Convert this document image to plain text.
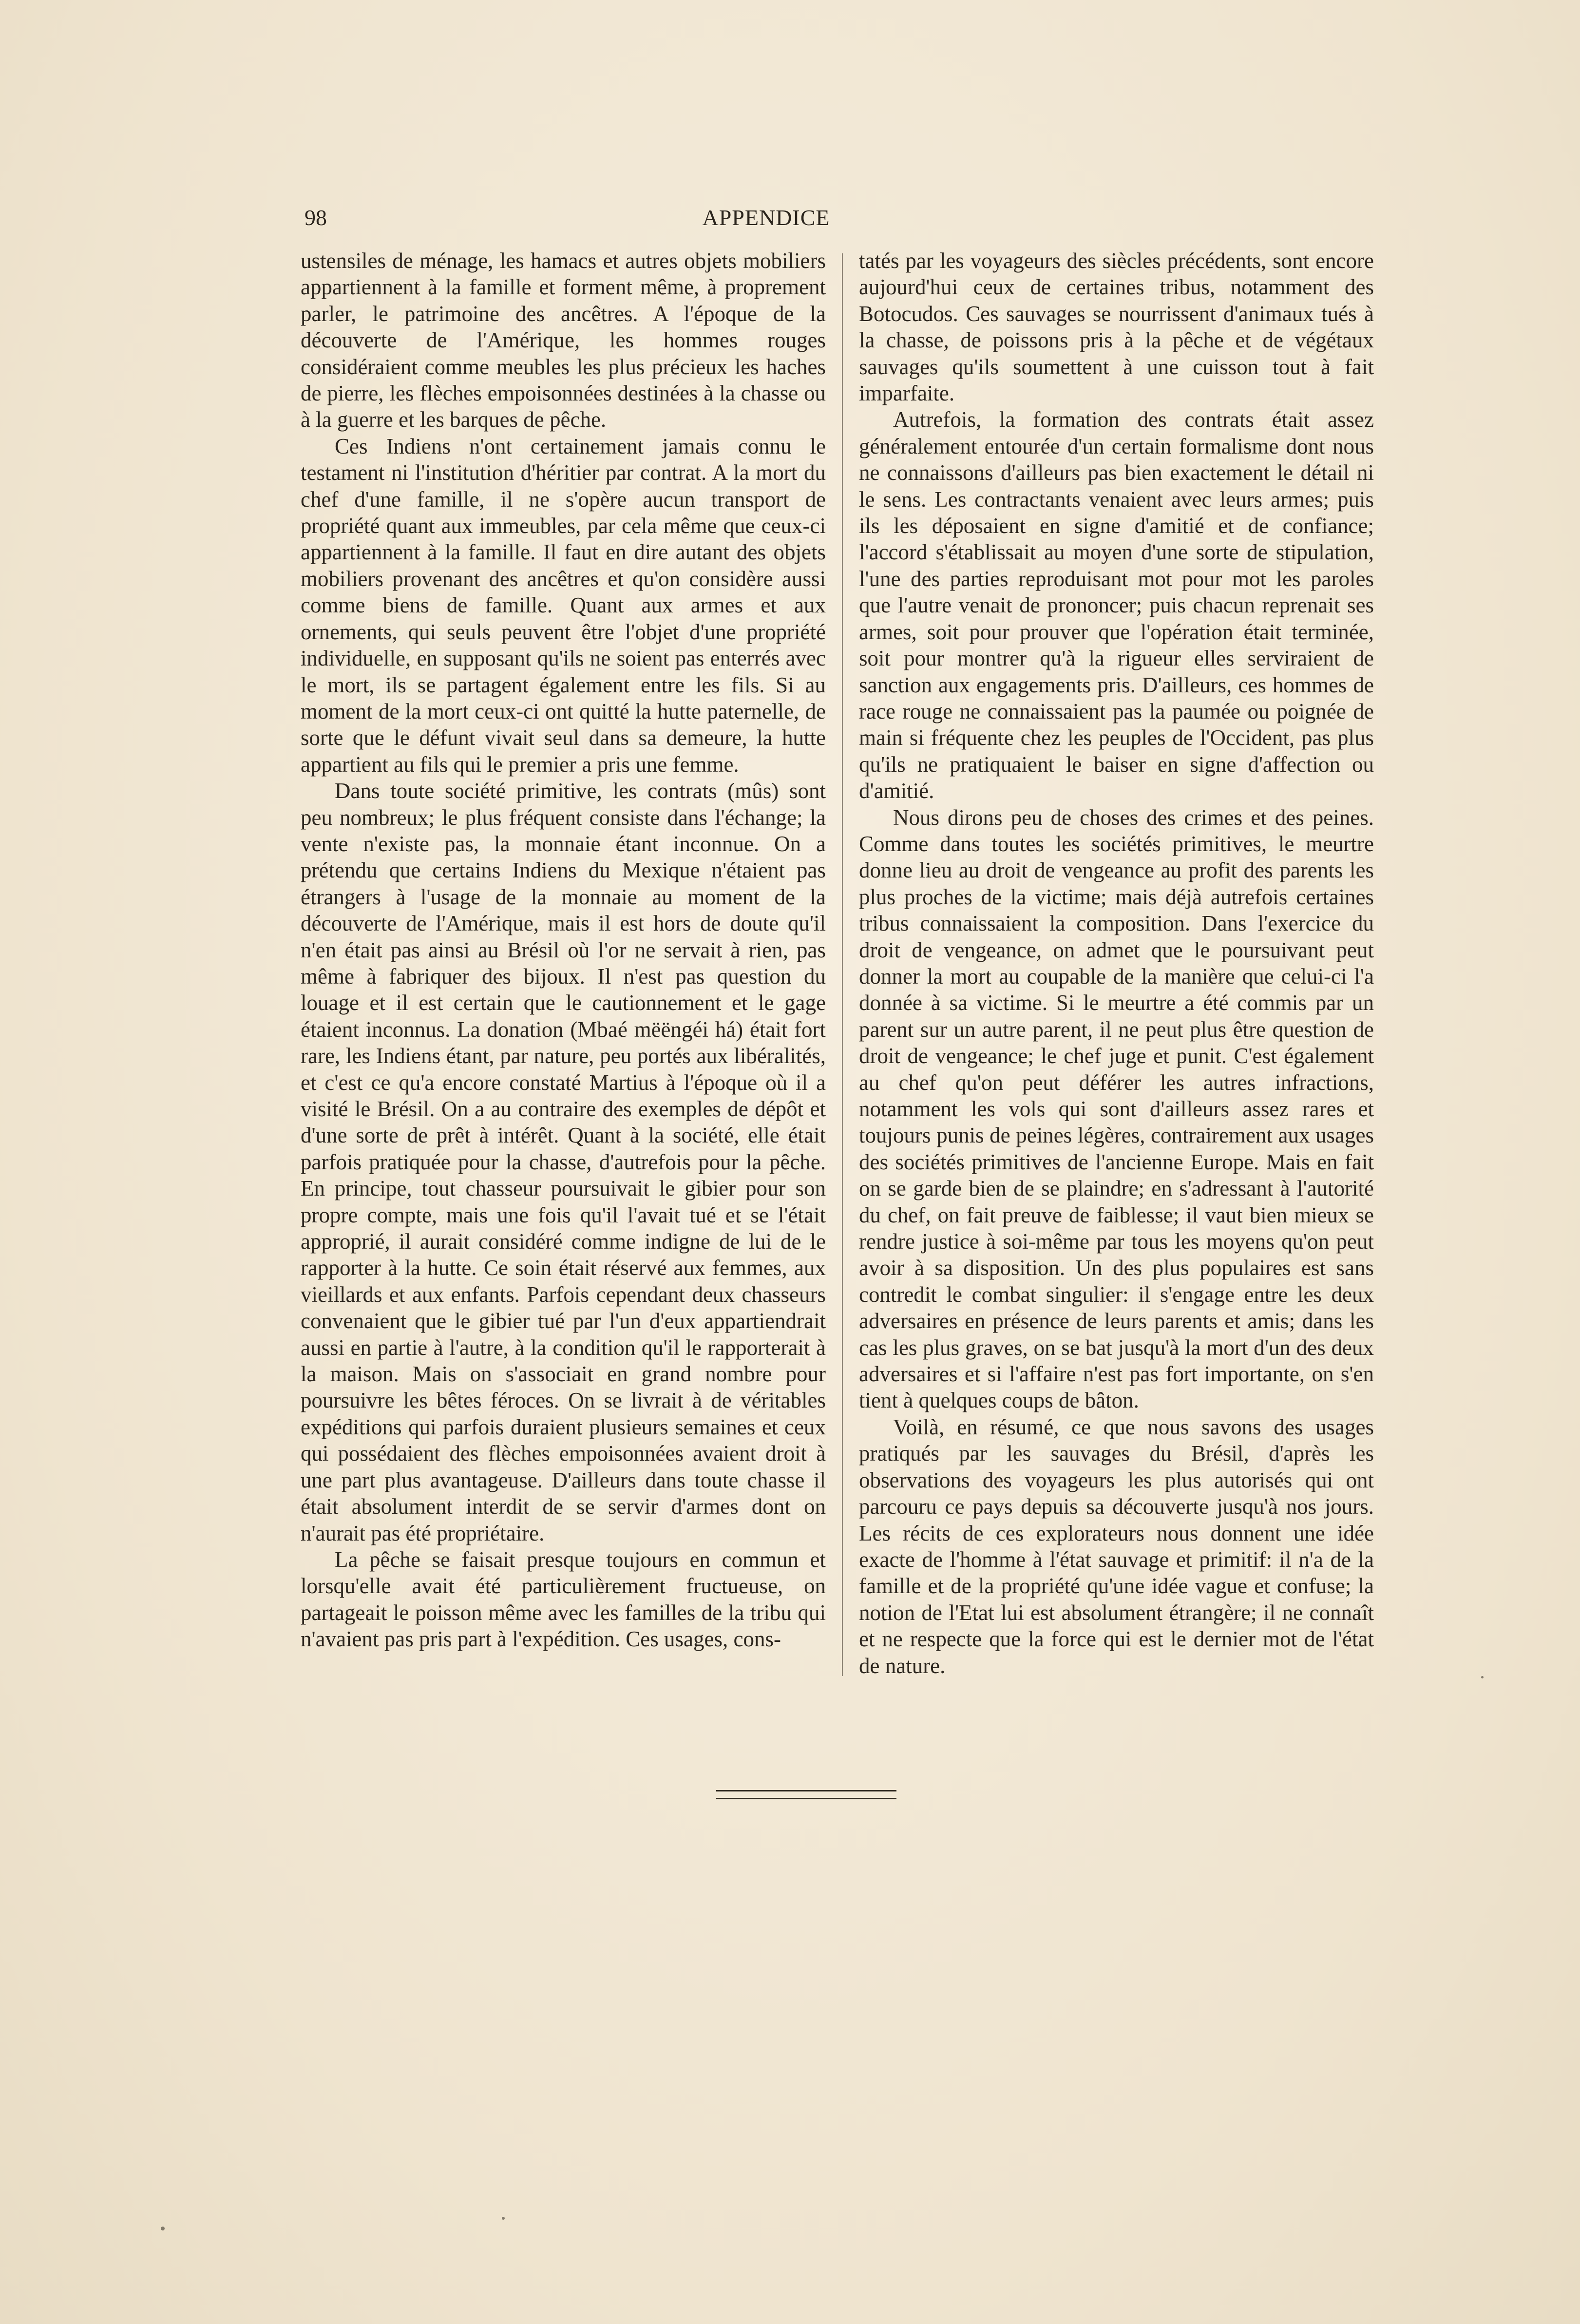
98	APPENDICE

ustensiles de ménage, les hamacs et autres objets mobiliers appartiennent à la famille et forment même, à proprement parler, le patrimoine des ancêtres. A l'époque de la découverte de l'Amérique, les hommes rouges considéraient comme meubles les plus précieux les haches de pierre, les flèches empoisonnées destinées à la chasse ou à la guerre et les barques de pêche.

Ces Indiens n'ont certainement jamais connu le testament ni l'institution d'héritier par contrat. A la mort du chef d'une famille, il ne s'opère aucun transport de propriété quant aux immeubles, par cela même que ceux-ci appartiennent à la famille. Il faut en dire autant des objets mobiliers provenant des ancêtres et qu'on considère aussi comme biens de famille. Quant aux armes et aux ornements, qui seuls peuvent être l'objet d'une propriété individuelle, en supposant qu'ils ne soient pas enterrés avec le mort, ils se partagent également entre les fils. Si au moment de la mort ceux-ci ont quitté la hutte paternelle, de sorte que le défunt vivait seul dans sa demeure, la hutte appartient au fils qui le premier a pris une femme.

Dans toute société primitive, les contrats (mûs) sont peu nombreux; le plus fréquent consiste dans l'échange; la vente n'existe pas, la monnaie étant inconnue. On a prétendu que certains Indiens du Mexique n'étaient pas étrangers à l'usage de la monnaie au moment de la découverte de l'Amérique, mais il est hors de doute qu'il n'en était pas ainsi au Brésil où l'or ne servait à rien, pas même à fabriquer des bijoux. Il n'est pas question du louage et il est certain que le cautionnement et le gage étaient inconnus. La donation (Mbaé mëëngéi há) était fort rare, les Indiens étant, par nature, peu portés aux libéralités, et c'est ce qu'a encore constaté Martius à l'époque où il a visité le Brésil. On a au contraire des exemples de dépôt et d'une sorte de prêt à intérêt. Quant à la société, elle était parfois pratiquée pour la chasse, d'autrefois pour la pêche. En principe, tout chasseur poursuivait le gibier pour son propre compte, mais une fois qu'il l'avait tué et se l'était approprié, il aurait considéré comme indigne de lui de le rapporter à la hutte. Ce soin était réservé aux femmes, aux vieillards et aux enfants. Parfois cependant deux chasseurs convenaient que le gibier tué par l'un d'eux appartiendrait aussi en partie à l'autre, à la condition qu'il le rapporterait à la maison. Mais on s'associait en grand nombre pour poursuivre les bêtes féroces. On se livrait à de véritables expéditions qui parfois duraient plusieurs semaines et ceux qui possédaient des flèches empoisonnées avaient droit à une part plus avantageuse. D'ailleurs dans toute chasse il était absolument interdit de se servir d'armes dont on n'aurait pas été propriétaire.

La pêche se faisait presque toujours en commun et lorsqu'elle avait été particulièrement fructueuse, on partageait le poisson même avec les familles de la tribu qui n'avaient pas pris part à l'expédition. Ces usages, cons-

tatés par les voyageurs des siècles précédents, sont encore aujourd'hui ceux de certaines tribus, notamment des Botocudos. Ces sauvages se nourrissent d'animaux tués à la chasse, de poissons pris à la pêche et de végétaux sauvages qu'ils soumettent à une cuisson tout à fait imparfaite.

Autrefois, la formation des contrats était assez généralement entourée d'un certain formalisme dont nous ne connaissons d'ailleurs pas bien exactement le détail ni le sens. Les contractants venaient avec leurs armes; puis ils les déposaient en signe d'amitié et de confiance; l'accord s'établissait au moyen d'une sorte de stipulation, l'une des parties reproduisant mot pour mot les paroles que l'autre venait de prononcer; puis chacun reprenait ses armes, soit pour prouver que l'opération était terminée, soit pour montrer qu'à la rigueur elles serviraient de sanction aux engagements pris. D'ailleurs, ces hommes de race rouge ne connaissaient pas la paumée ou poignée de main si fréquente chez les peuples de l'Occident, pas plus qu'ils ne pratiquaient le baiser en signe d'affection ou d'amitié.

Nous dirons peu de choses des crimes et des peines. Comme dans toutes les sociétés primitives, le meurtre donne lieu au droit de vengeance au profit des parents les plus proches de la victime; mais déjà autrefois certaines tribus connaissaient la composition. Dans l'exercice du droit de vengeance, on admet que le poursuivant peut donner la mort au coupable de la manière que celui-ci l'a donnée à sa victime. Si le meurtre a été commis par un parent sur un autre parent, il ne peut plus être question de droit de vengeance; le chef juge et punit. C'est également au chef qu'on peut déférer les autres infractions, notamment les vols qui sont d'ailleurs assez rares et toujours punis de peines légères, contrairement aux usages des sociétés primitives de l'ancienne Europe. Mais en fait on se garde bien de se plaindre; en s'adressant à l'autorité du chef, on fait preuve de faiblesse; il vaut bien mieux se rendre justice à soi-même par tous les moyens qu'on peut avoir à sa disposition. Un des plus populaires est sans contredit le combat singulier: il s'engage entre les deux adversaires en présence de leurs parents et amis; dans les cas les plus graves, on se bat jusqu'à la mort d'un des deux adversaires et si l'affaire n'est pas fort importante, on s'en tient à quelques coups de bâton.

Voilà, en résumé, ce que nous savons des usages pratiqués par les sauvages du Brésil, d'après les observations des voyageurs les plus autorisés qui ont parcouru ce pays depuis sa découverte jusqu'à nos jours. Les récits de ces explorateurs nous donnent une idée exacte de l'homme à l'état sauvage et primitif: il n'a de la famille et de la propriété qu'une idée vague et confuse; la notion de l'Etat lui est absolument étrangère; il ne connaît et ne respecte que la force qui est le dernier mot de l'état de nature.
